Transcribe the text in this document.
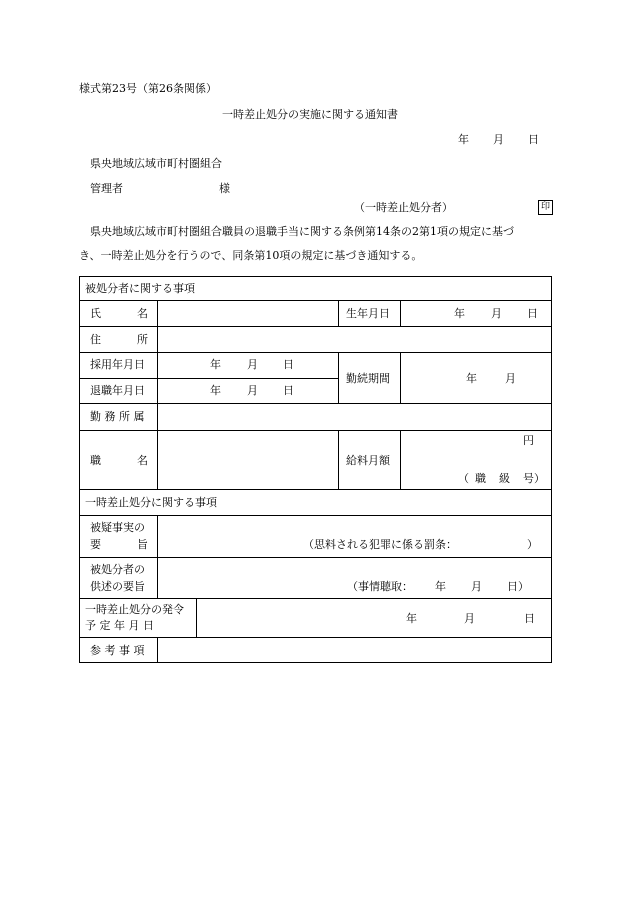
様式第23号（第26条関係）
一時差止処分の実施に関する通知書
年 月 日
県央地域広域市町村圏組合
管理者	様
（一時差止処分者）	印
県央地域広域市町村圏組合職員の退職手当に関する条例第14条の2第1項の規定に基づ
き、一時差止処分を行うので、同条第10項の規定に基づき通知する。
被処分者に関する事項
氏	名	生年月日	年 月 日
住	所
採用年月日	年 月 日
退職年月日	年 月 日
勤続期間	年	月
勤 務 所 属
職	名	給料月額
円
（ 職 級 号）
一時差止処分に関する事項
被疑事実の
要	旨	（思料される犯罪に係る罰条：	）
被処分者の
供述の要旨	（事情聴取： 年 月 日）
一時差止処分の発令
予 定 年 月 日
年	月	日
参 考 事 項
